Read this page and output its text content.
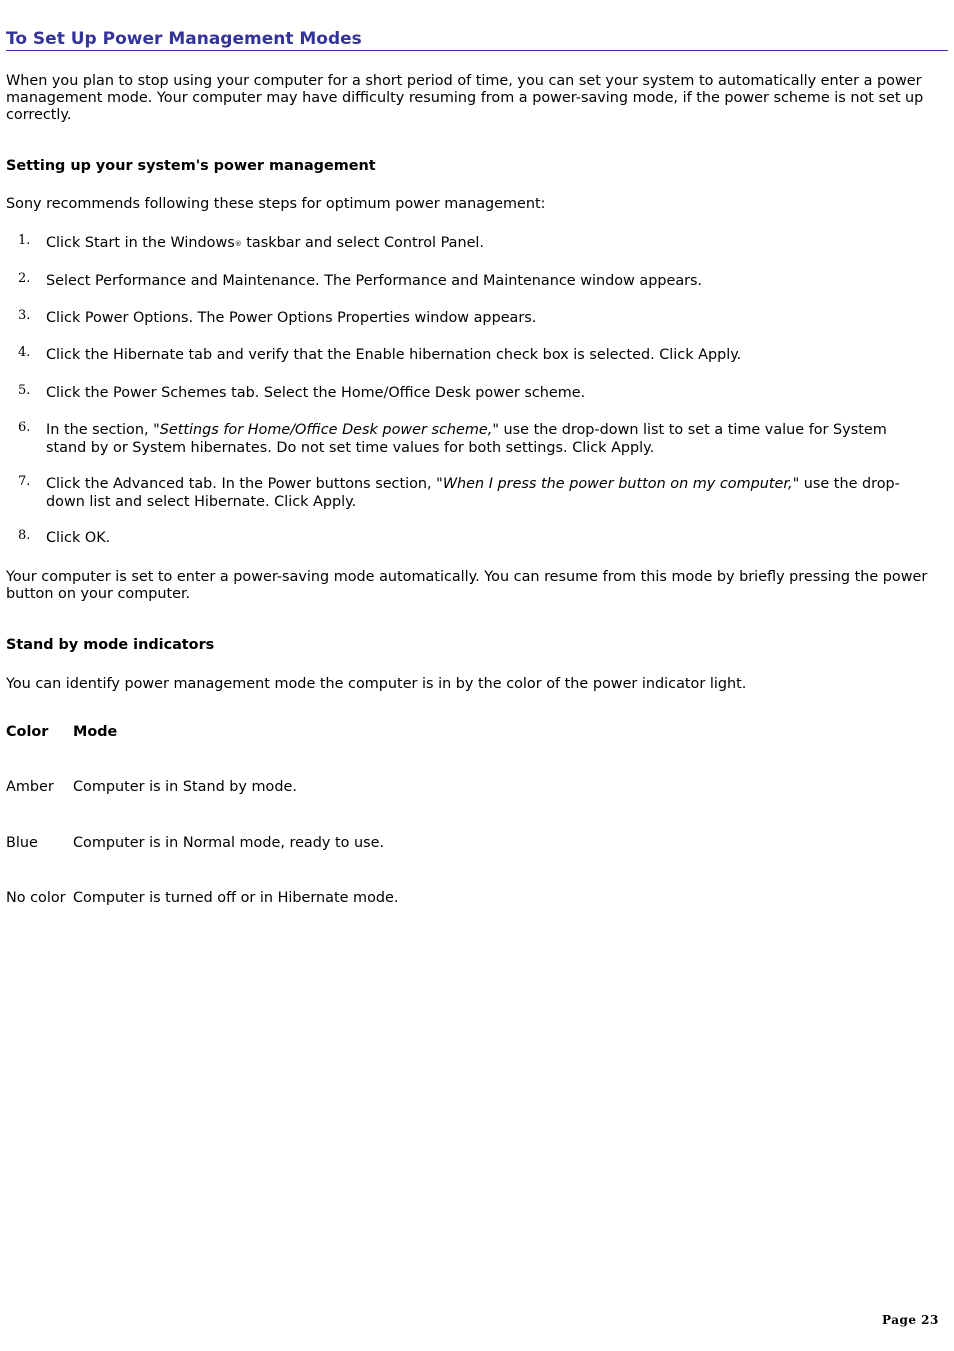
To Set Up Power Management Modes

When you plan to stop using your computer for a short period of time, you can set your system to automatically enter a power management mode. Your computer may have difficulty resuming from a power-saving mode, if the power scheme is not set up correctly.

Setting up your system's power management

Sony recommends following these steps for optimum power management:

1. Click Start in the Windows® taskbar and select Control Panel.
2. Select Performance and Maintenance. The Performance and Maintenance window appears.
3. Click Power Options. The Power Options Properties window appears.
4. Click the Hibernate tab and verify that the Enable hibernation check box is selected. Click Apply.
5. Click the Power Schemes tab. Select the Home/Office Desk power scheme.
6. In the section, "Settings for Home/Office Desk power scheme," use the drop-down list to set a time value for System stand by or System hibernates. Do not set time values for both settings. Click Apply.
7. Click the Advanced tab. In the Power buttons section, "When I press the power button on my computer," use the drop-down list and select Hibernate. Click Apply.
8. Click OK.

Your computer is set to enter a power-saving mode automatically. You can resume from this mode by briefly pressing the power button on your computer.

Stand by mode indicators

You can identify power management mode the computer is in by the color of the power indicator light.

Color Mode
Amber Computer is in Stand by mode.
Blue Computer is in Normal mode, ready to use.
No color Computer is turned off or in Hibernate mode.
Page 23
